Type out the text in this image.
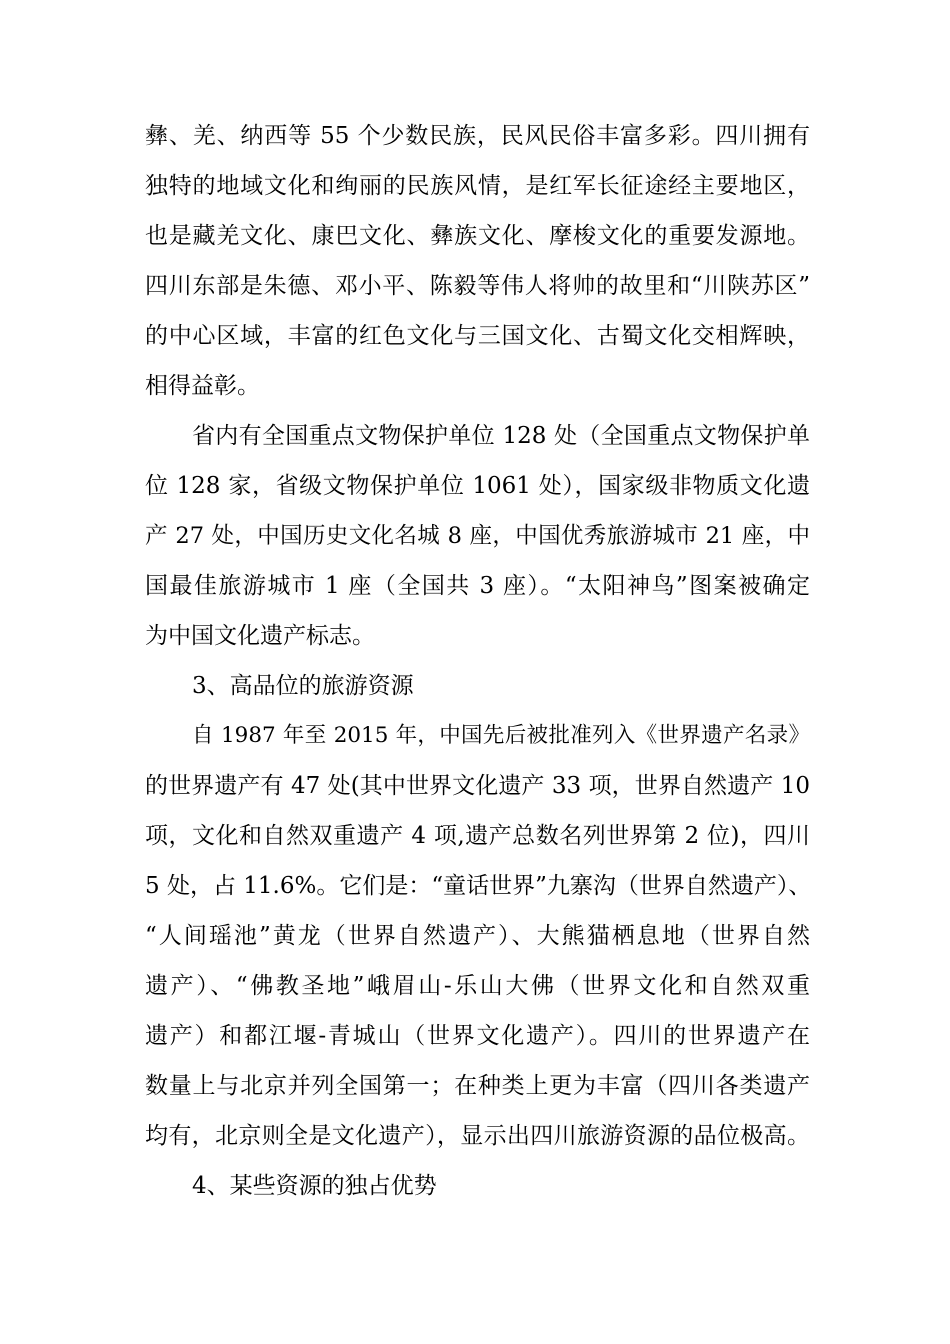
彝、羌、纳西等 55 个少数民族，民风民俗丰富多彩。四川拥有
独特的地域文化和绚丽的民族风情，是红军长征途经主要地区，
也是藏羌文化、康巴文化、彝族文化、摩梭文化的重要发源地。
四川东部是朱德、邓小平、陈毅等伟人将帅的故里和“川陕苏区”
的中心区域，丰富的红色文化与三国文化、古蜀文化交相辉映，
相得益彰。
省内有全国重点文物保护单位 128 处（全国重点文物保护单
位 128 家，省级文物保护单位 1061 处），国家级非物质文化遗
产 27 处，中国历史文化名城 8 座，中国优秀旅游城市 21 座，中
国最佳旅游城市 1 座（全国共 3 座）。“太阳神鸟”图案被确定
为中国文化遗产标志。
3、高品位的旅游资源
自 1987 年至 2015 年，中国先后被批准列入《世界遗产名录》
的世界遗产有 47 处(其中世界文化遗产 33 项，世界自然遗产 10
项，文化和自然双重遗产 4 项,遗产总数名列世界第 2 位)，四川
5 处，占 11.6%。它们是：“童话世界”九寨沟（世界自然遗产）、
“人间瑶池”黄龙（世界自然遗产）、大熊猫栖息地（世界自然
遗产）、“佛教圣地”峨眉山-乐山大佛（世界文化和自然双重
遗产）和都江堰-青城山（世界文化遗产）。四川的世界遗产在
数量上与北京并列全国第一；在种类上更为丰富（四川各类遗产
均有，北京则全是文化遗产），显示出四川旅游资源的品位极高。
4、某些资源的独占优势
